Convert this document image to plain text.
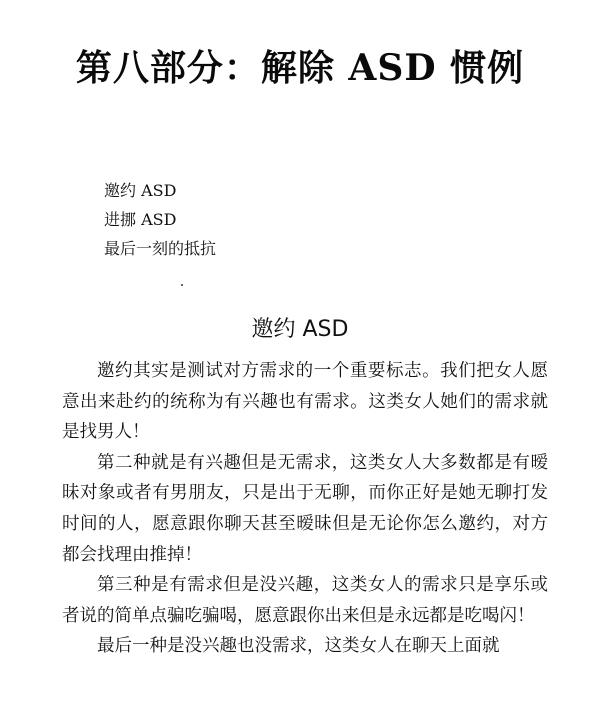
第八部分：解除 ASD 惯例
邀约 ASD
进挪 ASD
最后一刻的抵抗
邀约 ASD

邀约其实是测试对方需求的一个重要标志。我们把女人愿意出来赴约的统称为有兴趣也有需求。这类女人她们的需求就是找男人！

第二种就是有兴趣但是无需求，这类女人大多数都是有暧昧对象或者有男朋友，只是出于无聊，而你正好是她无聊打发时间的人，愿意跟你聊天甚至暧昧但是无论你怎么邀约，对方都会找理由推掉！

第三种是有需求但是没兴趣，这类女人的需求只是享乐或者说的简单点骗吃骗喝，愿意跟你出来但是永远都是吃喝闪！

最后一种是没兴趣也没需求，这类女人在聊天上面就
